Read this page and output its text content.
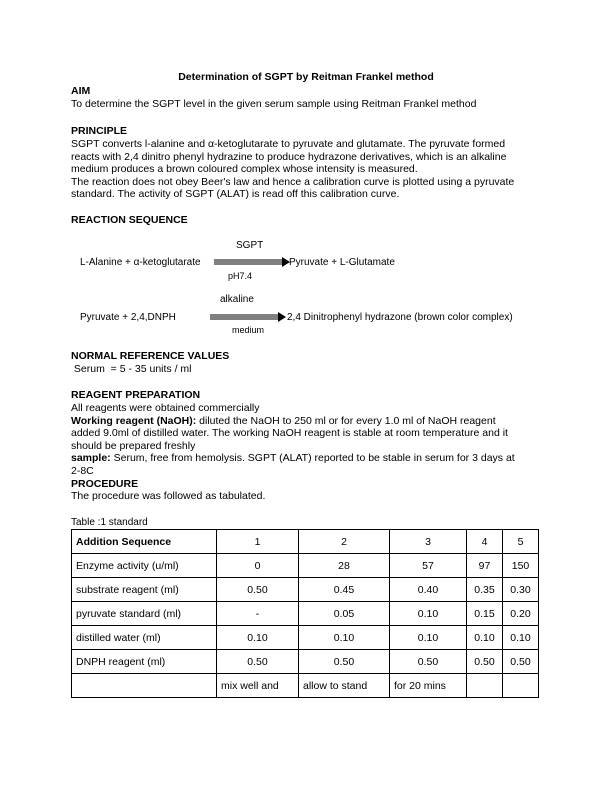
Determination of SGPT by Reitman Frankel method
AIM
To determine the SGPT level in the given serum sample using Reitman Frankel method
PRINCIPLE
SGPT converts l-alanine and α-ketoglutarate to pyruvate and glutamate. The pyruvate formed
reacts with 2,4 dinitro phenyl hydrazine to produce hydrazone derivatives, which is an alkaline
medium produces a brown coloured complex whose intensity is measured.
The reaction does not obey Beer's law and hence a calibration curve is plotted using a pyruvate
standard. The activity of SGPT (ALAT) is read off this calibration curve.
REACTION SEQUENCE
SGPT
L-Alanine + α-ketoglutarate	Pyruvate + L-Glutamate
pH7.4
alkaline
Pyruvate + 2,4,DNPH	2,4 Dinitrophenyl hydrazone (brown color complex)
medium
NORMAL REFERENCE VALUES
Serum  = 5 - 35 units / ml
REAGENT PREPARATION
All reagents were obtained commercially
Working reagent (NaOH): diluted the NaOH to 250 ml or for every 1.0 ml of NaOH reagent
added 9.0ml of distilled water. The working NaOH reagent is stable at room temperature and it
should be prepared freshly
sample: Serum, free from hemolysis. SGPT (ALAT) reported to be stable in serum for 3 days at
2-8C
PROCEDURE
The procedure was followed as tabulated.
Table :1 standard
Addition Sequence	1	2	3	4	5
Enzyme activity (u/ml)	0	28	57	97	150
substrate reagent (ml)	0.50	0.45	0.40	0.35	0.30
pyruvate standard (ml)	-	0.05	0.10	0.15	0.20
distilled water (ml)	0.10	0.10	0.10	0.10	0.10
DNPH reagent (ml)	0.50	0.50	0.50	0.50	0.50
	mix well and	allow to stand	for 20 mins		
